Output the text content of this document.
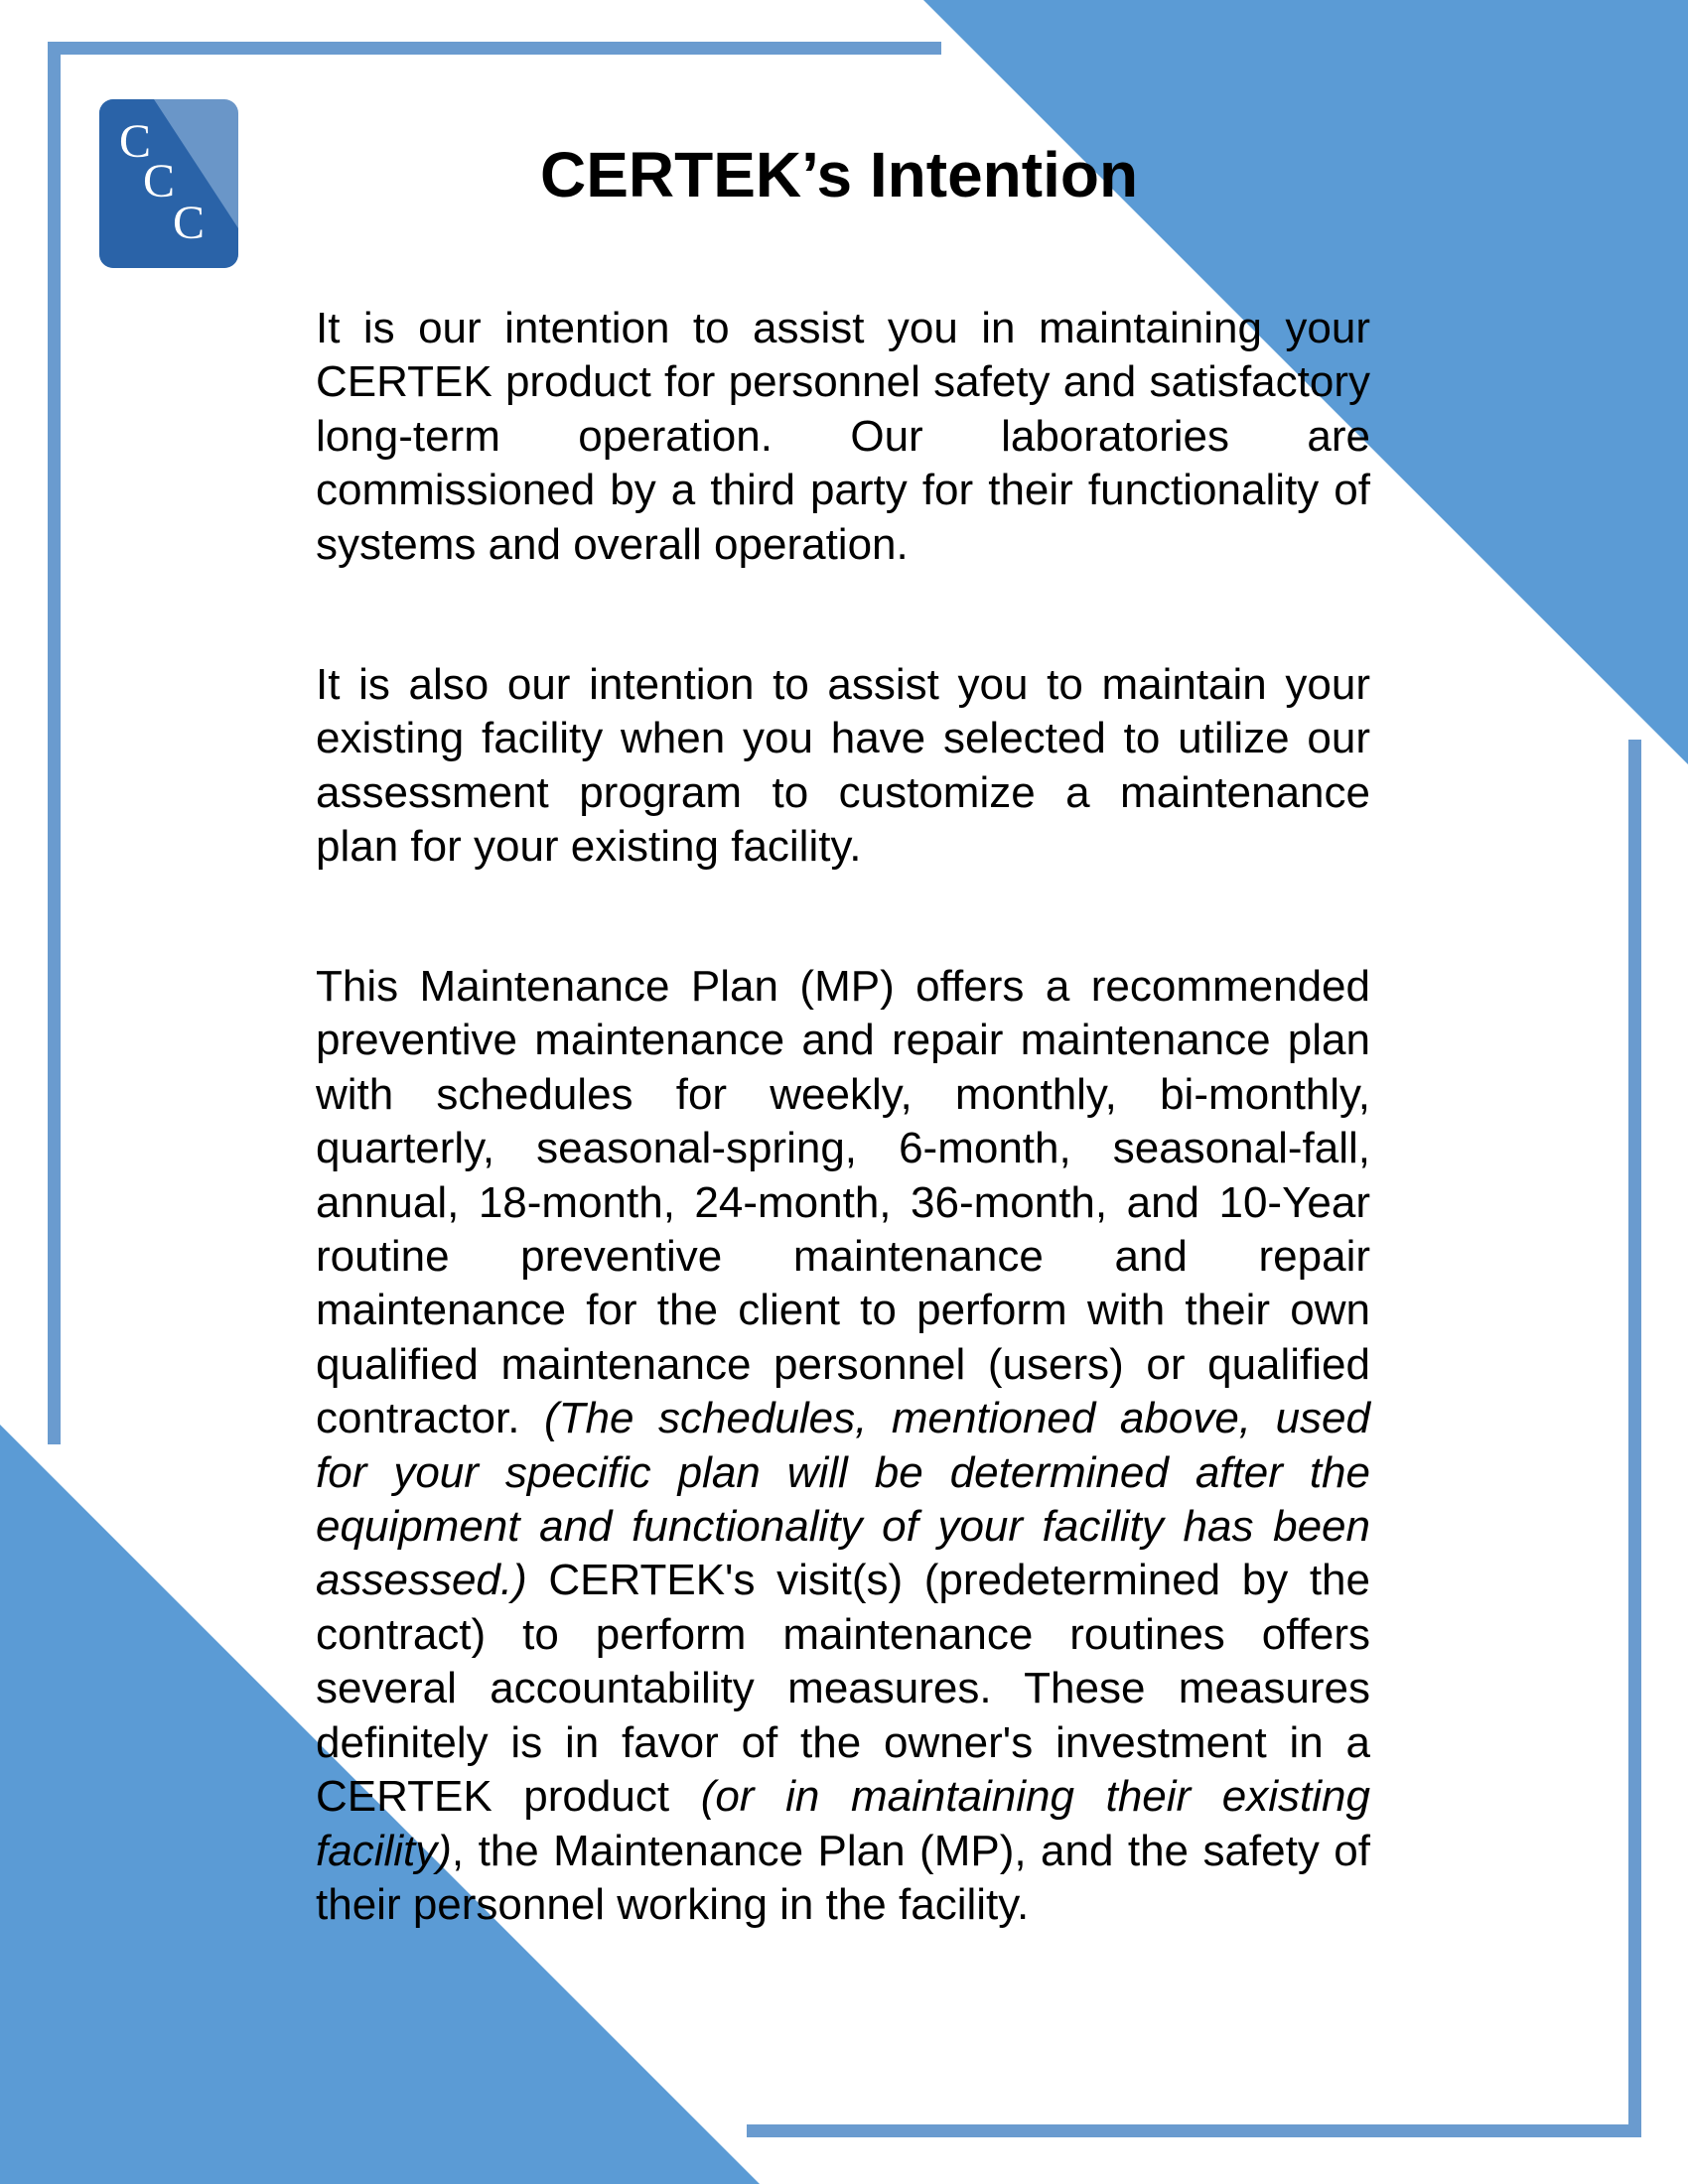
C
C
C
CERTEK’s Intention

It is our intention to assist you in maintaining your CERTEK product for personnel safety and satisfactory long-term operation. Our laboratories are commissioned by a third party for their functionality of systems and overall operation.

It is also our intention to assist you to maintain your existing facility when you have selected to utilize our assessment program to customize a maintenance plan for your existing facility.

This Maintenance Plan (MP) offers a recommended preventive maintenance and repair maintenance plan with schedules for weekly, monthly, bi-monthly, quarterly, seasonal-spring, 6-month, seasonal-fall, annual, 18-month, 24-month, 36-month, and 10-Year routine preventive maintenance and repair maintenance for the client to perform with their own qualified maintenance personnel (users) or qualified contractor. (The schedules, mentioned above, used for your specific plan will be determined after the equipment and functionality of your facility has been assessed.) CERTEK's visit(s) (predetermined by the contract) to perform maintenance routines offers several accountability measures. These measures definitely is in favor of the owner's investment in a CERTEK product (or in maintaining their existing facility), the Maintenance Plan (MP), and the safety of their personnel working in the facility.
